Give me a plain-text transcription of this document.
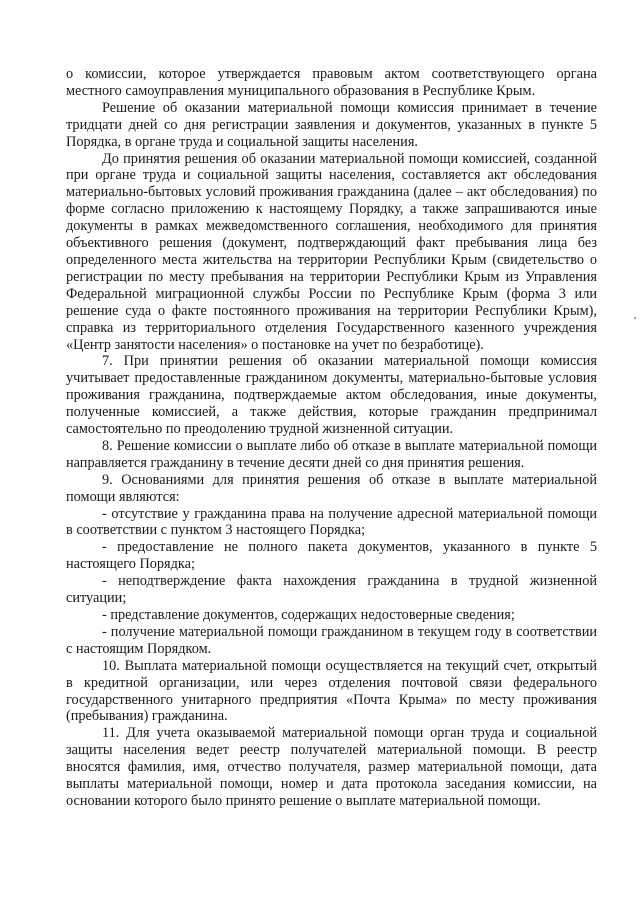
о комиссии, которое утверждается правовым актом соответствующего органа местного самоуправления муниципального образования в Республике Крым.

Решение об оказании материальной помощи комиссия принимает в течение тридцати дней со дня регистрации заявления и документов, указанных в пункте 5 Порядка, в органе труда и социальной защиты населения.

До принятия решения об оказании материальной помощи комиссией, созданной при органе труда и социальной защиты населения, составляется акт обследования материально-бытовых условий проживания гражданина (далее – акт обследования) по форме согласно приложению к настоящему Порядку, а также запрашиваются иные документы в рамках межведомственного соглашения, необходимого для принятия объективного решения (документ, подтверждающий факт пребывания лица без определенного места жительства на территории Республики Крым (свидетельство о регистрации по месту пребывания на территории Республики Крым из Управления Федеральной миграционной службы России по Республике Крым (форма 3 или решение суда о факте постоянного проживания на территории Республики Крым), справка из территориального отделения Государственного казенного учреждения «Центр занятости населения» о постановке на учет по безработице).

7. При принятии решения об оказании материальной помощи комиссия учитывает предоставленные гражданином документы, материально-бытовые условия проживания гражданина, подтверждаемые актом обследования, иные документы, полученные комиссией, а также действия, которые гражданин предпринимал самостоятельно по преодолению трудной жизненной ситуации.

8. Решение комиссии о выплате либо об отказе в выплате материальной помощи направляется гражданину в течение десяти дней со дня принятия решения.

9. Основаниями для принятия решения об отказе в выплате материальной помощи являются:

- отсутствие у гражданина права на получение адресной материальной помощи в соответствии с пунктом 3 настоящего Порядка;

- предоставление не полного пакета документов, указанного в пункте 5 настоящего Порядка;

- неподтверждение факта нахождения гражданина в трудной жизненной ситуации;

- представление документов, содержащих недостоверные сведения;

- получение материальной помощи гражданином в текущем году в соответствии с настоящим Порядком.

10. Выплата материальной помощи осуществляется на текущий счет, открытый в кредитной организации, или через отделения почтовой связи федерального государственного унитарного предприятия «Почта Крыма» по месту проживания (пребывания) гражданина.

11. Для учета оказываемой материальной помощи орган труда и социальной защиты населения ведет реестр получателей материальной помощи. В реестр вносятся фамилия, имя, отчество получателя, размер материальной помощи, дата выплаты материальной помощи, номер и дата протокола заседания комиссии, на основании которого было принято решение о выплате материальной помощи.
